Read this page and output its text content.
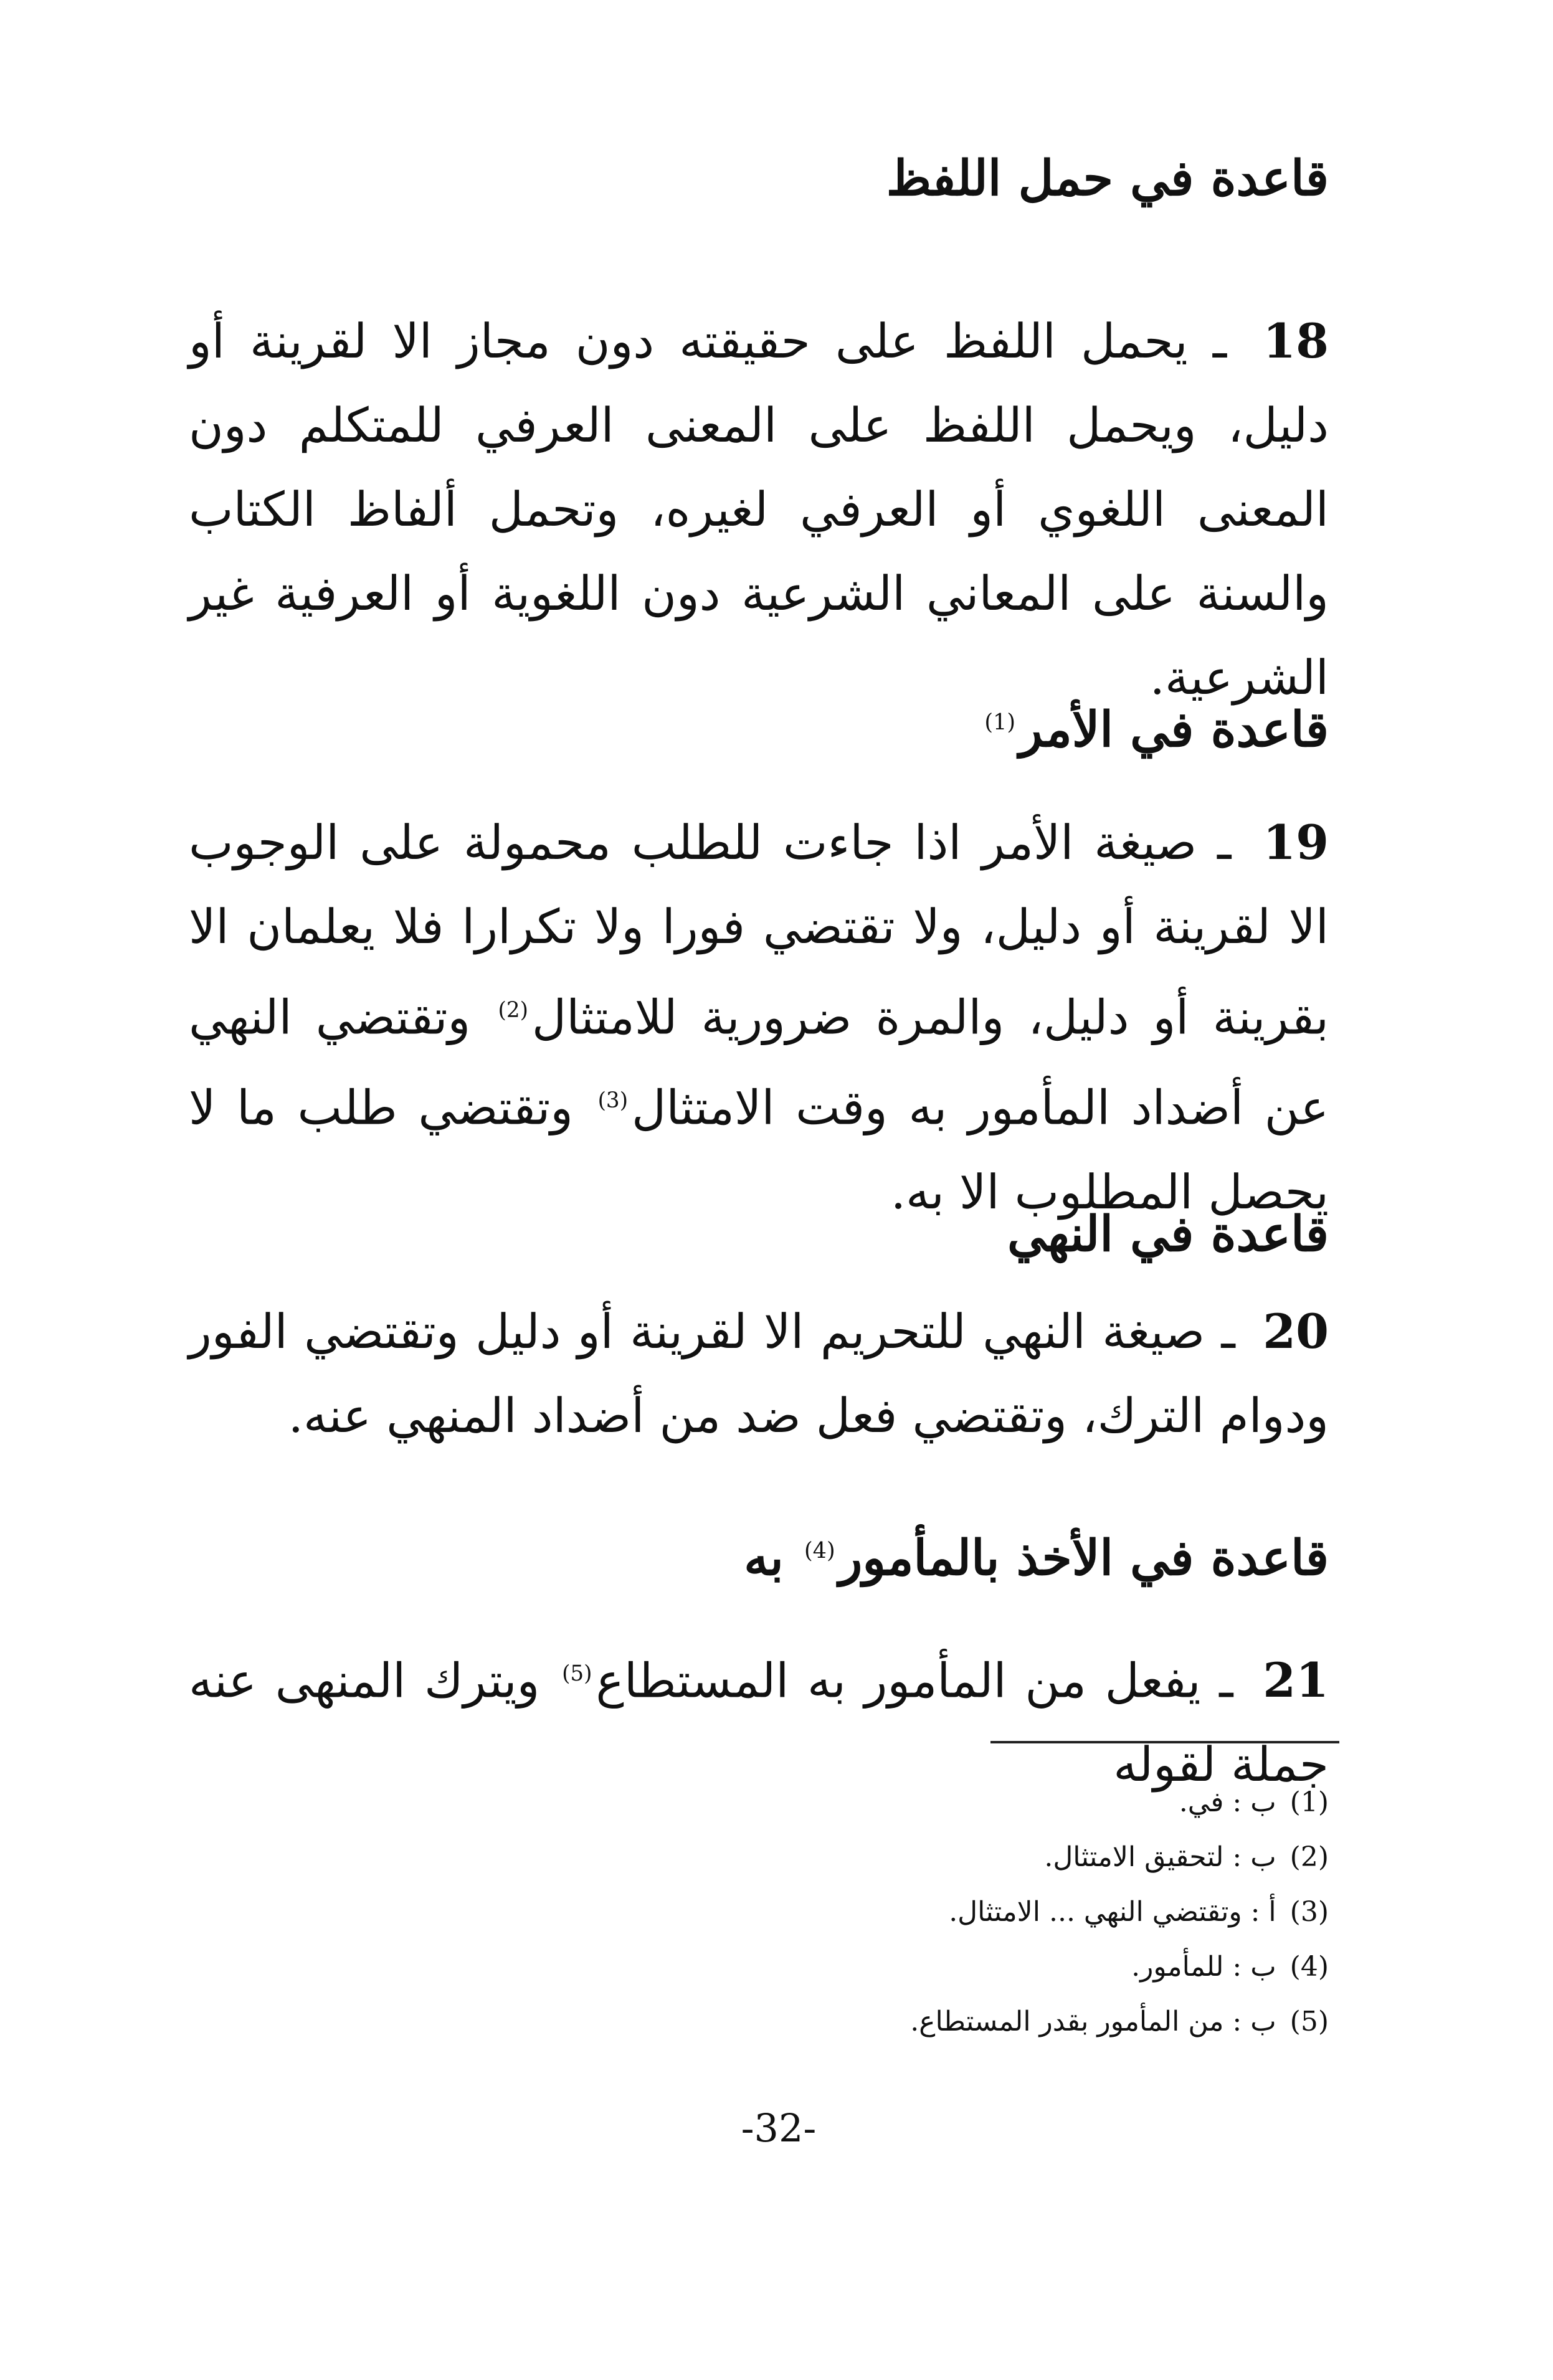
قاعدة في حمل اللفظ
18 ـ يحمل اللفظ على حقيقته دون مجاز الا لقرينة أو دليل، ويحمل اللفظ على المعنى العرفي للمتكلم دون المعنى اللغوي أو العرفي لغيره، وتحمل ألفاظ الكتاب والسنة على المعاني الشرعية دون اللغوية أو العرفية غير الشرعية.
قاعدة في الأمر$^{(1)}$
19 ـ صيغة الأمر اذا جاءت للطلب محمولة على الوجوب الا لقرينة أو دليل، ولا تقتضي فورا ولا تكرارا فلا يعلمان الا بقرينة أو دليل، والمرة ضرورية للامتثال$^{(2)}$ وتقتضي النهي عن أضداد المأمور به وقت الامتثال$^{(3)}$ وتقتضي طلب ما لا يحصل المطلوب الا به.
قاعدة في النهي
20 ـ صيغة النهي للتحريم الا لقرينة أو دليل وتقتضي الفور ودوام الترك، وتقتضي فعل ضد من أضداد المنهي عنه.
قاعدة في الأخذ بالمأمور$^{(4)}$ به
21 ـ يفعل من المأمور به المستطاع$^{(5)}$ ويترك المنهى عنه جملة لقوله
(1)ب : في.
(2)ب : لتحقيق الامتثال.
(3)أ : وتقتضي النهي ... الامتثال.
(4)ب : للمأمور.
(5)ب : من المأمور بقدر المستطاع.
-32-
